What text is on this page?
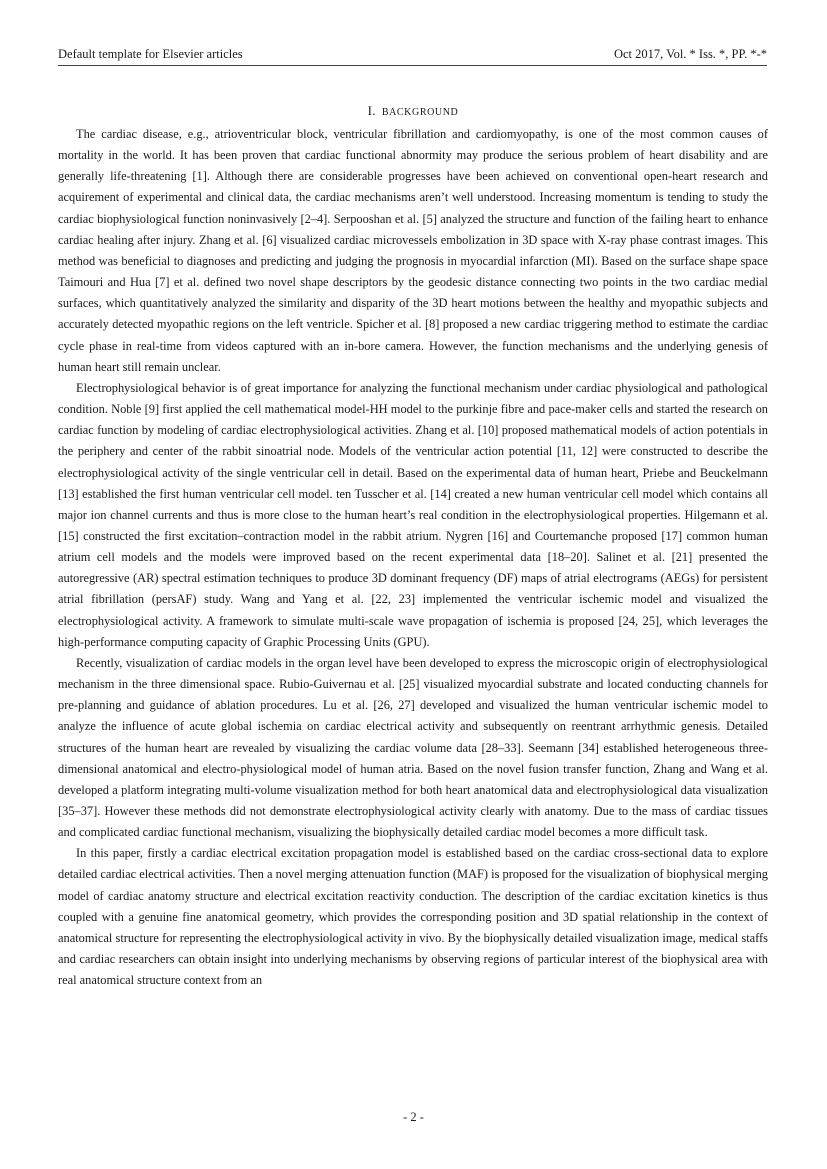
Default template for Elsevier articles	Oct 2017, Vol. * Iss. *, PP. *-*
I. BACKGROUND

The cardiac disease, e.g., atrioventricular block, ventricular fibrillation and cardiomyopathy, is one of the most common causes of mortality in the world. It has been proven that cardiac functional abnormity may produce the serious problem of heart disability and are generally life-threatening [1]. Although there are considerable progresses have been achieved on conventional open-heart research and acquirement of experimental and clinical data, the cardiac mechanisms aren’t well understood. Increasing momentum is tending to study the cardiac biophysiological function noninvasively [2–4]. Serpooshan et al. [5] analyzed the structure and function of the failing heart to enhance cardiac healing after injury. Zhang et al. [6] visualized cardiac microvessels embolization in 3D space with X-ray phase contrast images. This method was beneficial to diagnoses and predicting and judging the prognosis in myocardial infarction (MI). Based on the surface shape space Taimouri and Hua [7] et al. defined two novel shape descriptors by the geodesic distance connecting two points in the two cardiac medial surfaces, which quantitatively analyzed the similarity and disparity of the 3D heart motions between the healthy and myopathic subjects and accurately detected myopathic regions on the left ventricle. Spicher et al. [8] proposed a new cardiac triggering method to estimate the cardiac cycle phase in real-time from videos captured with an in-bore camera. However, the function mechanisms and the underlying genesis of human heart still remain unclear.

Electrophysiological behavior is of great importance for analyzing the functional mechanism under cardiac physiological and pathological condition. Noble [9] first applied the cell mathematical model-HH model to the purkinje fibre and pace-maker cells and started the research on cardiac function by modeling of cardiac electrophysiological activities. Zhang et al. [10] proposed mathematical models of action potentials in the periphery and center of the rabbit sinoatrial node. Models of the ventricular action potential [11, 12] were constructed to describe the electrophysiological activity of the single ventricular cell in detail. Based on the experimental data of human heart, Priebe and Beuckelmann [13] established the first human ventricular cell model. ten Tusscher et al. [14] created a new human ventricular cell model which contains all major ion channel currents and thus is more close to the human heart’s real condition in the electrophysiological properties. Hilgemann et al. [15] constructed the first excitation–contraction model in the rabbit atrium. Nygren [16] and Courtemanche proposed [17] common human atrium cell models and the models were improved based on the recent experimental data [18–20]. Salinet et al. [21] presented the autoregressive (AR) spectral estimation techniques to produce 3D dominant frequency (DF) maps of atrial electrograms (AEGs) for persistent atrial fibrillation (persAF) study. Wang and Yang et al. [22, 23] implemented the ventricular ischemic model and visualized the electrophysiological activity. A framework to simulate multi-scale wave propagation of ischemia is proposed [24, 25], which leverages the high-performance computing capacity of Graphic Processing Units (GPU).

Recently, visualization of cardiac models in the organ level have been developed to express the microscopic origin of electrophysiological mechanism in the three dimensional space. Rubio-Guivernau et al. [25] visualized myocardial substrate and located conducting channels for pre-planning and guidance of ablation procedures. Lu et al. [26, 27] developed and visualized the human ventricular ischemic model to analyze the influence of acute global ischemia on cardiac electrical activity and subsequently on reentrant arrhythmic genesis. Detailed structures of the human heart are revealed by visualizing the cardiac volume data [28–33]. Seemann [34] established heterogeneous three-dimensional anatomical and electro-physiological model of human atria. Based on the novel fusion transfer function, Zhang and Wang et al. developed a platform integrating multi-volume visualization method for both heart anatomical data and electrophysiological data visualization [35–37]. However these methods did not demonstrate electrophysiological activity clearly with anatomy. Due to the mass of cardiac tissues and complicated cardiac functional mechanism, visualizing the biophysically detailed cardiac model becomes a more difficult task.

In this paper, firstly a cardiac electrical excitation propagation model is established based on the cardiac cross-sectional data to explore detailed cardiac electrical activities. Then a novel merging attenuation function (MAF) is proposed for the visualization of biophysical merging model of cardiac anatomy structure and electrical excitation reactivity conduction. The description of the cardiac excitation kinetics is thus coupled with a genuine fine anatomical geometry, which provides the corresponding position and 3D spatial relationship in the context of anatomical structure for representing the electrophysiological activity in vivo. By the biophysically detailed visualization image, medical staffs and cardiac researchers can obtain insight into underlying mechanisms by observing regions of particular interest of the biophysical area with real anatomical structure context from an

- 2 -
